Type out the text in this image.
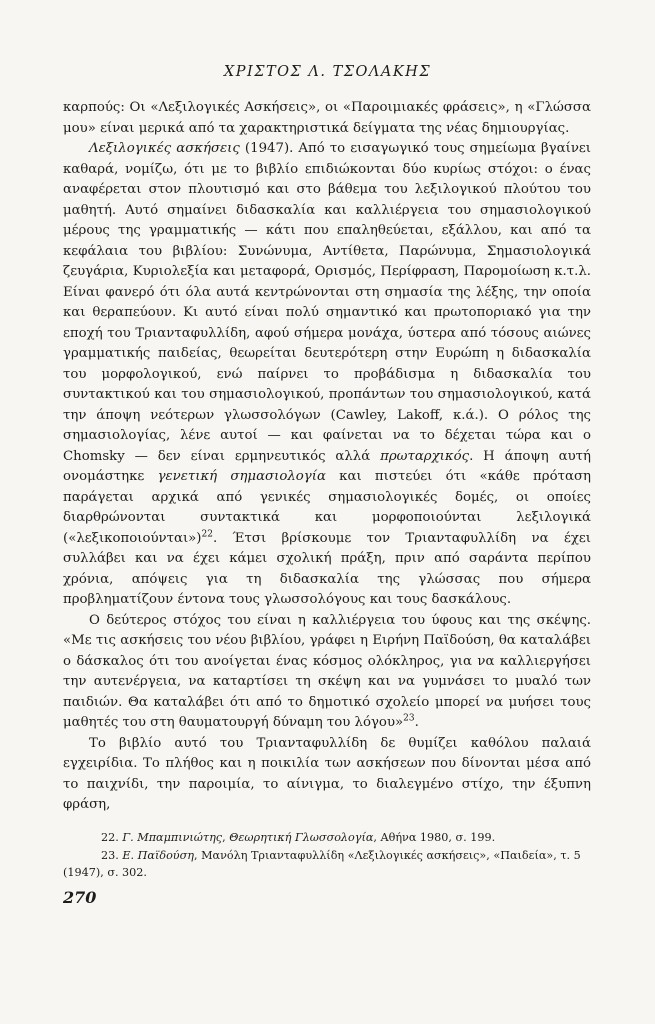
ΧΡΙΣΤΟΣ Λ. ΤΣΟΛΑΚΗΣ

καρπούς: Οι «Λεξιλογικές Ασκήσεις», οι «Παροιμιακές φράσεις», η «Γλώσσα μου» είναι μερικά από τα χαρακτηριστικά δείγματα της νέας δημιουργίας.

Λεξιλογικές ασκήσεις (1947). Από το εισαγωγικό τους σημείωμα βγαίνει καθαρά, νομίζω, ότι με το βιβλίο επιδιώκονται δύο κυρίως στόχοι: ο ένας αναφέρεται στον πλουτισμό και στο βάθεμα του λεξιλογικού πλούτου του μαθητή. Αυτό σημαίνει διδασκαλία και καλλιέργεια του σημασιολογικού μέρους της γραμματικής — κάτι που επαληθεύεται, εξάλλου, και από τα κεφάλαια του βιβλίου: Συνώνυμα, Αντίθετα, Παρώνυμα, Σημασιολογικά ζευγάρια, Κυριολεξία και μεταφορά, Ορισμός, Περίφραση, Παρομοίωση κ.τ.λ. Είναι φανερό ότι όλα αυτά κεντρώνονται στη σημασία της λέξης, την οποία και θεραπεύουν. Κι αυτό είναι πολύ σημαντικό και πρωτοποριακό για την εποχή του Τριανταφυλλίδη, αφού σήμερα μονάχα, ύστερα από τόσους αιώνες γραμματικής παιδείας, θεωρείται δευτερότερη στην Ευρώπη η διδασκαλία του μορφολογικού, ενώ παίρνει το προβάδισμα η διδασκαλία του συντακτικού και του σημασιολογικού, προπάντων του σημασιολογικού, κατά την άποψη νεότερων γλωσσολόγων (Cawley, Lakoff, κ.ά.). Ο ρόλος της σημασιολογίας, λένε αυτοί — και φαίνεται να το δέχεται τώρα και ο Chomsky — δεν είναι ερμηνευτικός αλλά πρωταρχικός. Η άποψη αυτή ονομάστηκε γενετική σημασιολογία και πιστεύει ότι «κάθε πρόταση παράγεται αρχικά από γενικές σημασιολογικές δομές, οι οποίες διαρθρώνονται συντακτικά και μορφοποιούνται λεξιλογικά («λεξικοποιούνται»)$^{22}$. Έτσι βρίσκουμε τον Τριανταφυλλίδη να έχει συλλάβει και να έχει κάμει σχολική πράξη, πριν από σαράντα περίπου χρόνια, απόψεις για τη διδασκαλία της γλώσσας που σήμερα προβληματίζουν έντονα τους γλωσσολόγους και τους δασκάλους.

Ο δεύτερος στόχος του είναι η καλλιέργεια του ύφους και της σκέψης. «Με τις ασκήσεις του νέου βιβλίου, γράφει η Ειρήνη Παϊδούση, θα καταλάβει ο δάσκαλος ότι του ανοίγεται ένας κόσμος ολόκληρος, για να καλλιεργήσει την αυτενέργεια, να καταρτίσει τη σκέψη και να γυμνάσει το μυαλό των παιδιών. Θα καταλάβει ότι από το δημοτικό σχολείο μπορεί να μυήσει τους μαθητές του στη θαυματουργή δύναμη του λόγου»$^{23}$.

Το βιβλίο αυτό του Τριανταφυλλίδη δε θυμίζει καθόλου παλαιά εγχειρίδια. Το πλήθος και η ποικιλία των ασκήσεων που δίνονται μέσα από το παιχνίδι, την παροιμία, το αίνιγμα, το διαλεγμένο στίχο, την έξυπνη φράση,

22. Γ. Μπαμπινιώτης, Θεωρητική Γλωσσολογία, Αθήνα 1980, σ. 199.

23. Ε. Παϊδούση, Μανόλη Τριανταφυλλίδη «Λεξιλογικές ασκήσεις», «Παιδεία», τ. 5 (1947), σ. 302.

270
